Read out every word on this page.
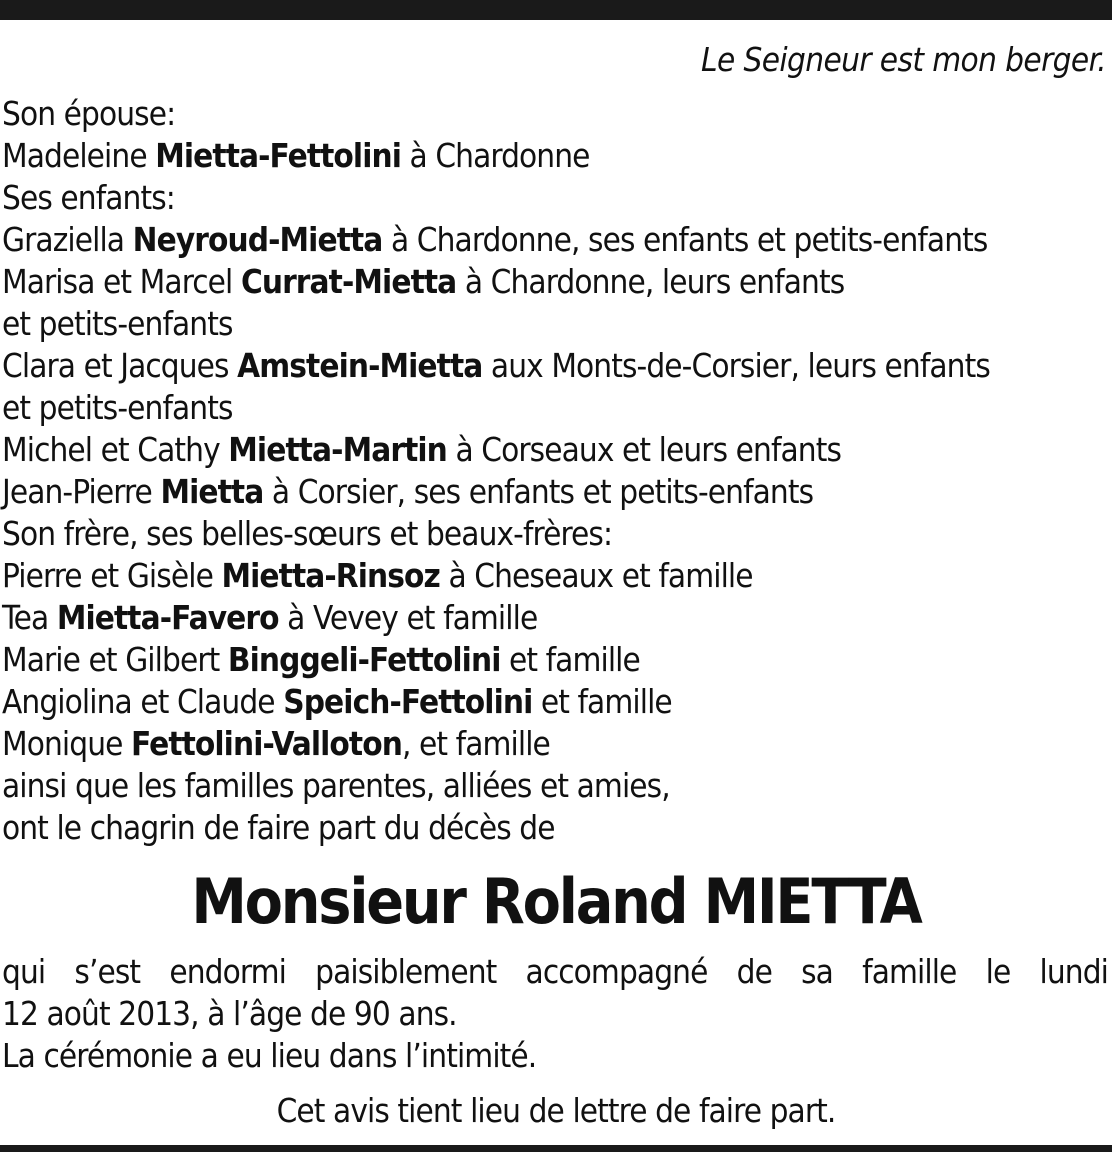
Le Seigneur est mon berger.
Son épouse:
Madeleine Mietta-Fettolini à Chardonne
Ses enfants:
Graziella Neyroud-Mietta à Chardonne, ses enfants et petits-enfants
Marisa et Marcel Currat-Mietta à Chardonne, leurs enfants
et petits-enfants
Clara et Jacques Amstein-Mietta aux Monts-de-Corsier, leurs enfants
et petits-enfants
Michel et Cathy Mietta-Martin à Corseaux et leurs enfants
Jean-Pierre Mietta à Corsier, ses enfants et petits-enfants
Son frère, ses belles-sœurs et beaux-frères:
Pierre et Gisèle Mietta-Rinsoz à Cheseaux et famille
Tea Mietta-Favero à Vevey et famille
Marie et Gilbert Binggeli-Fettolini et famille
Angiolina et Claude Speich-Fettolini et famille
Monique Fettolini-Valloton, et famille
ainsi que les familles parentes, alliées et amies,
ont le chagrin de faire part du décès de
Monsieur Roland MIETTA
qui s’est endormi paisiblement accompagné de sa famille le lundi
12 août 2013, à l’âge de 90 ans.
La cérémonie a eu lieu dans l’intimité.
Cet avis tient lieu de lettre de faire part.
